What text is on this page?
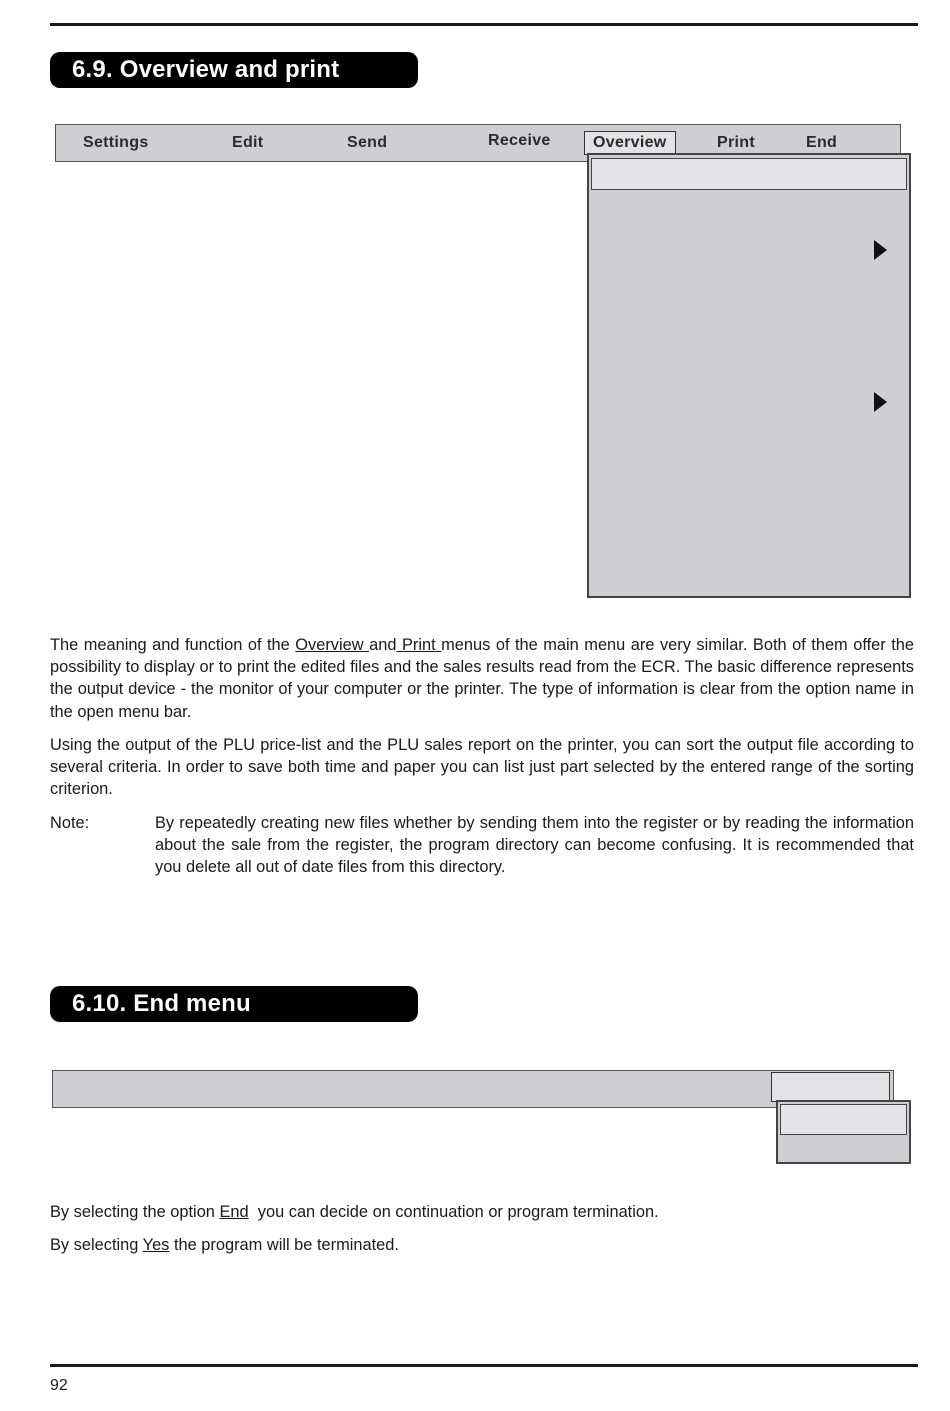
6.9. Overview and print
Settings	Edit	Send	Receive	Overview	Print	End

The meaning and function of the Overview and Print menus of the main menu are very similar. Both of them offer the possibility to display or to print the edited files and the sales results read from the ECR. The basic difference represents the output device - the monitor of your computer or the printer. The type of information is clear from the option name in the open menu bar.

Using the output of the PLU price-list and the PLU sales report on the printer, you can sort the output file according to several criteria. In order to save both time and paper you can list just part selected by the entered range of the sorting criterion.

Note:	By repeatedly creating new files whether by sending them into the register or by reading the information about the sale from the register, the program directory can become confusing. It is recommended that you delete all out of date files from this directory.

6.10. End menu

By selecting the option End  you can decide on continuation or program termination.

By selecting Yes the program will be terminated.

92
